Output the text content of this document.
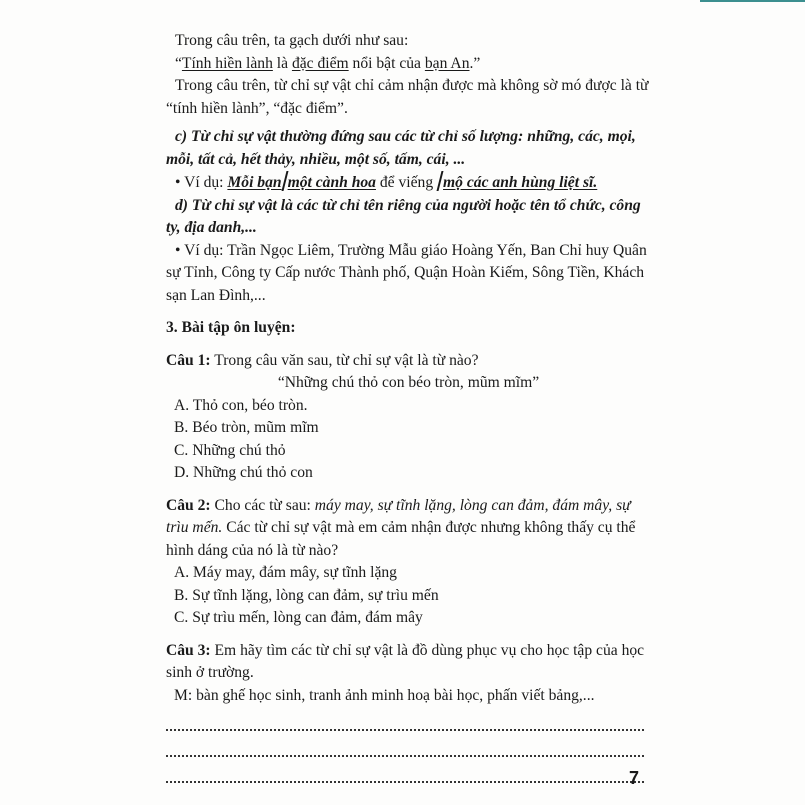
Trong câu trên, ta gạch dưới như sau:

“Tính hiền lành là đặc điểm nổi bật của bạn An.”

Trong câu trên, từ chỉ sự vật chỉ cảm nhận được mà không sờ mó được là từ “tính hiền lành”, “đặc điểm”.

c) Từ chỉ sự vật thường đứng sau các từ chỉ số lượng: những, các, mọi, mỗi, tất cả, hết thảy, nhiều, một số, tấm, cái, ...

• Ví dụ: Mỗi bạn một cành hoa để viếng mộ các anh hùng liệt sĩ.

d) Từ chỉ sự vật là các từ chỉ tên riêng của người hoặc tên tổ chức, công ty, địa danh,...

• Ví dụ: Trần Ngọc Liêm, Trường Mẫu giáo Hoàng Yến, Ban Chỉ huy Quân sự Tỉnh, Công ty Cấp nước Thành phố, Quận Hoàn Kiếm, Sông Tiền, Khách sạn Lan Đình,...

3. Bài tập ôn luyện:

Câu 1: Trong câu văn sau, từ chỉ sự vật là từ nào?

“Những chú thỏ con béo tròn, mũm mĩm”

A. Thỏ con, béo tròn.

B. Béo tròn, mũm mĩm

C. Những chú thỏ

D. Những chú thỏ con

Câu 2: Cho các từ sau: máy may, sự tĩnh lặng, lòng can đảm, đám mây, sự trìu mến. Các từ chỉ sự vật mà em cảm nhận được nhưng không thấy cụ thể hình dáng của nó là từ nào?

A. Máy may, đám mây, sự tĩnh lặng

B. Sự tĩnh lặng, lòng can đảm, sự trìu mến

C. Sự trìu mến, lòng can đảm, đám mây

Câu 3: Em hãy tìm các từ chỉ sự vật là đồ dùng phục vụ cho học tập của học sinh ở trường.

M: bàn ghế học sinh, tranh ảnh minh hoạ bài học, phấn viết bảng,...

7
